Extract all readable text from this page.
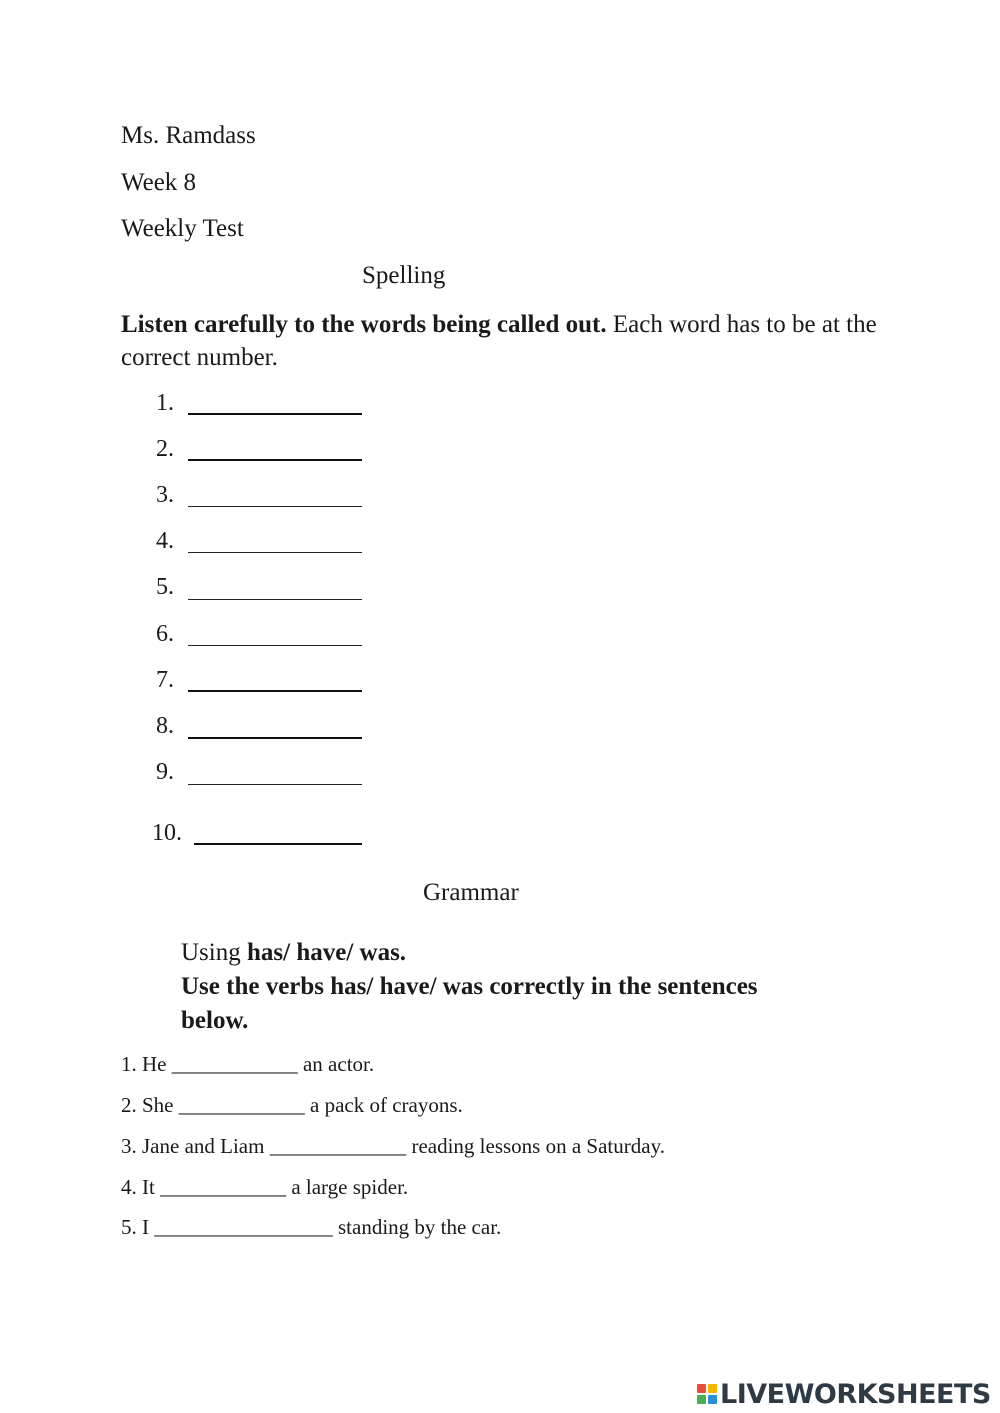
Ms. Ramdass
Week 8
Weekly Test
Spelling
Listen carefully to the words being called out. Each word has to be at the correct number.
1.
2.
3.
4.
5.
6.
7.
8.
9.
10.
Grammar
Using has/ have/ was.
Use the verbs has/ have/ was correctly in the sentences
below.
1. He ____________ an actor.
2. She ____________ a pack of crayons.
3. Jane and Liam _____________ reading lessons on a Saturday.
4. It ____________ a large spider.
5. I _________________ standing by the car.
LIVEWORKSHEETS
